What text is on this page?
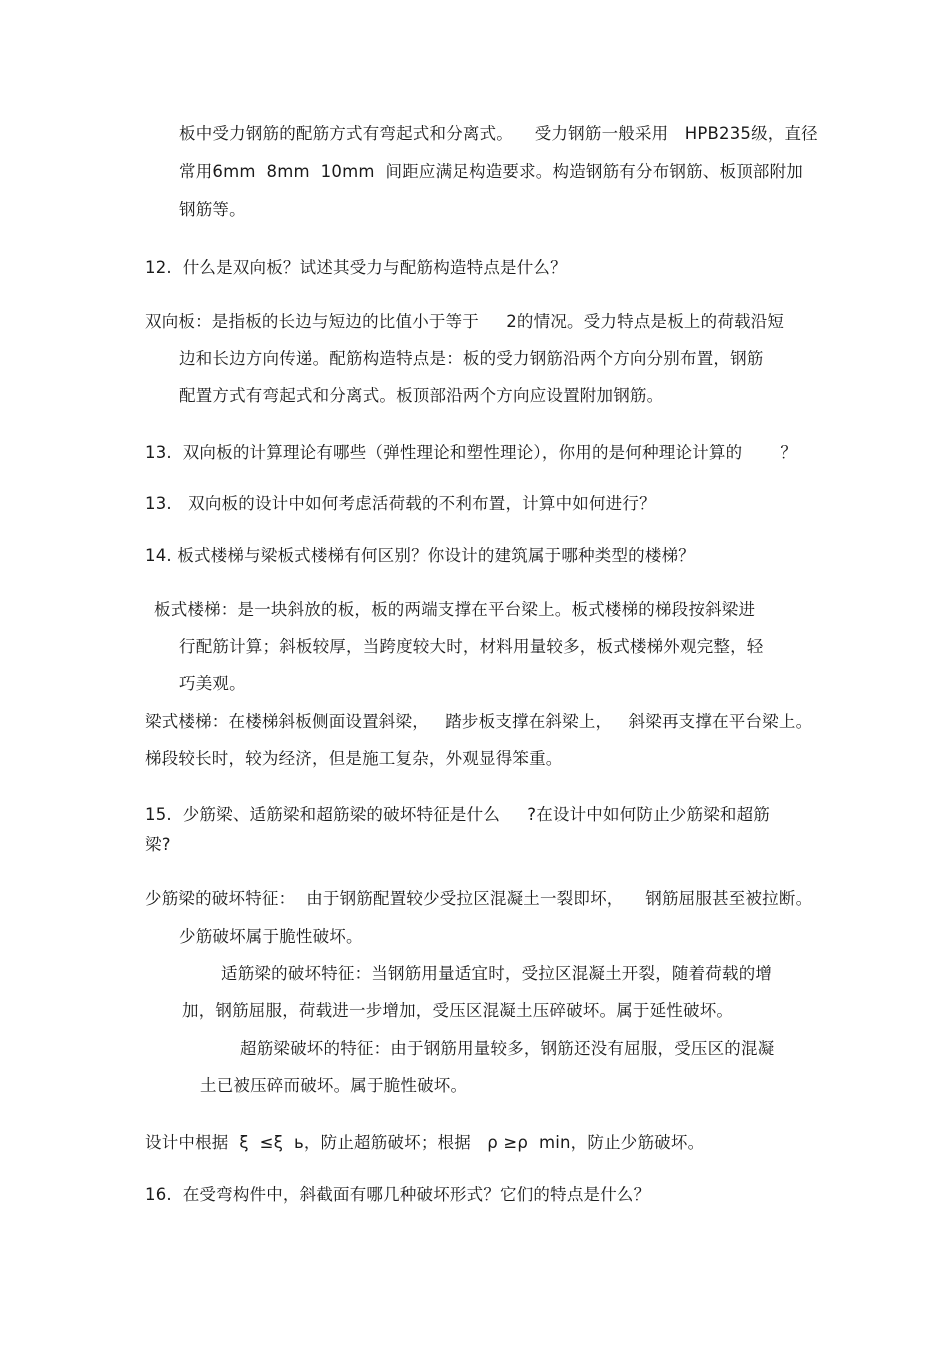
板中受力钢筋的配筋方式有弯起式和分离式。    受力钢筋一般采用   HPB235级，直径
常用6mm  8mm  10mm  间距应满足构造要求。构造钢筋有分布钢筋、板顶部附加
钢筋等。
12.  什么是双向板？试述其受力与配筋构造特点是什么？
双向板：是指板的长边与短边的比值小于等于     2的情况。受力特点是板上的荷载沿短
边和长边方向传递。配筋构造特点是：板的受力钢筋沿两个方向分别布置，钢筋
配置方式有弯起式和分离式。板顶部沿两个方向应设置附加钢筋。
13.  双向板的计算理论有哪些（弹性理论和塑性理论），你用的是何种理论计算的       ？
13.   双向板的设计中如何考虑活荷载的不利布置，计算中如何进行？
14. 板式楼梯与梁板式楼梯有何区别？你设计的建筑属于哪种类型的楼梯？
板式楼梯：是一块斜放的板，板的两端支撑在平台梁上。板式楼梯的梯段按斜梁进
行配筋计算；斜板较厚，当跨度较大时，材料用量较多，板式楼梯外观完整，轻
巧美观。
梁式楼梯：在楼梯斜板侧面设置斜梁，   踏步板支撑在斜梁上，   斜梁再支撑在平台梁上。
梯段较长时，较为经济，但是施工复杂，外观显得笨重。
15.  少筋梁、适筋梁和超筋梁的破坏特征是什么     ?在设计中如何防止少筋梁和超筋
梁?
少筋梁的破坏特征：  由于钢筋配置较少受拉区混凝土一裂即坏，    钢筋屈服甚至被拉断。
少筋破坏属于脆性破坏。
适筋梁的破坏特征：当钢筋用量适宜时，受拉区混凝土开裂，随着荷载的增
加，钢筋屈服，荷载进一步增加，受压区混凝土压碎破坏。属于延性破坏。
超筋梁破坏的特征：由于钢筋用量较多，钢筋还没有屈服，受压区的混凝
土已被压碎而破坏。属于脆性破坏。
设计中根据  ξ  ≤ξ  ь，防止超筋破坏；根据   ρ ≥ρ  min，防止少筋破坏。
16.  在受弯构件中，斜截面有哪几种破坏形式？它们的特点是什么？
